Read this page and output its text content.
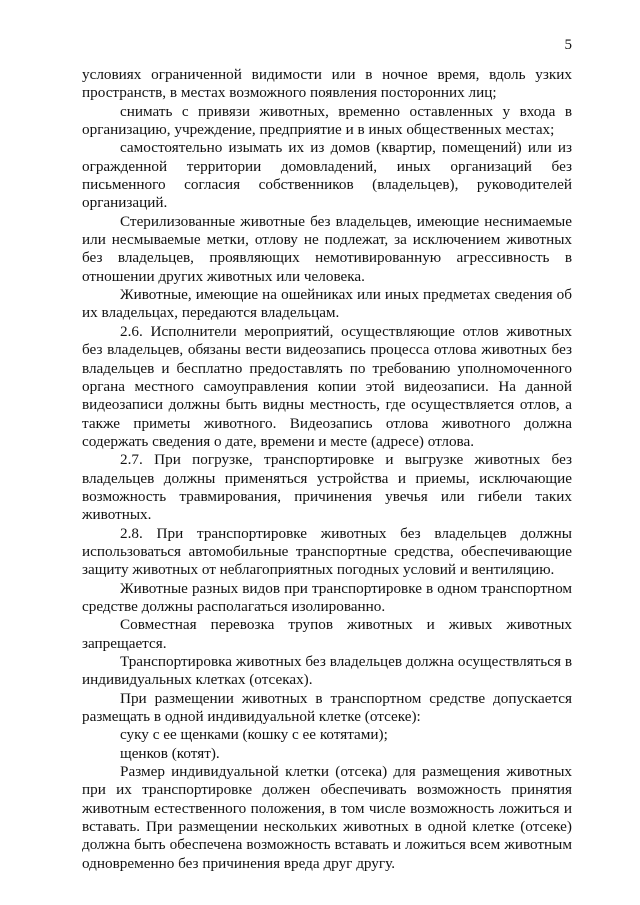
5

условиях ограниченной видимости или в ночное время, вдоль узких пространств, в местах возможного появления посторонних лиц;

снимать с привязи животных, временно оставленных у входа в организацию, учреждение, предприятие и в иных общественных местах;

самостоятельно изымать их из домов (квартир, помещений) или из огражденной территории домовладений, иных организаций без письменного согласия собственников (владельцев), руководителей организаций.

Стерилизованные животные без владельцев, имеющие неснимаемые или несмываемые метки, отлову не подлежат, за исключением животных без владельцев, проявляющих немотивированную агрессивность в отношении других животных или человека.

Животные, имеющие на ошейниках или иных предметах сведения об их владельцах, передаются владельцам.

2.6. Исполнители мероприятий, осуществляющие отлов животных без владельцев, обязаны вести видеозапись процесса отлова животных без владельцев и бесплатно предоставлять по требованию уполномоченного органа местного самоуправления копии этой видеозаписи. На данной видеозаписи должны быть видны местность, где осуществляется отлов, а также приметы животного. Видеозапись отлова животного должна содержать сведения о дате, времени и месте (адресе) отлова.

2.7. При погрузке, транспортировке и выгрузке животных без владельцев должны применяться устройства и приемы, исключающие возможность травмирования, причинения увечья или гибели таких животных.

2.8. При транспортировке животных без владельцев должны использоваться автомобильные транспортные средства, обеспечивающие защиту животных от неблагоприятных погодных условий и вентиляцию.

Животные разных видов при транспортировке в одном транспортном средстве должны располагаться изолированно.

Совместная перевозка трупов животных и живых животных запрещается.

Транспортировка животных без владельцев должна осуществляться в индивидуальных клетках (отсеках).

При размещении животных в транспортном средстве допускается размещать в одной индивидуальной клетке (отсеке):

суку с ее щенками (кошку с ее котятами);

щенков (котят).

Размер индивидуальной клетки (отсека) для размещения животных при их транспортировке должен обеспечивать возможность принятия животным естественного положения, в том числе возможность ложиться и вставать. При размещении нескольких животных в одной клетке (отсеке) должна быть обеспечена возможность вставать и ложиться всем животным одновременно без причинения вреда друг другу.
